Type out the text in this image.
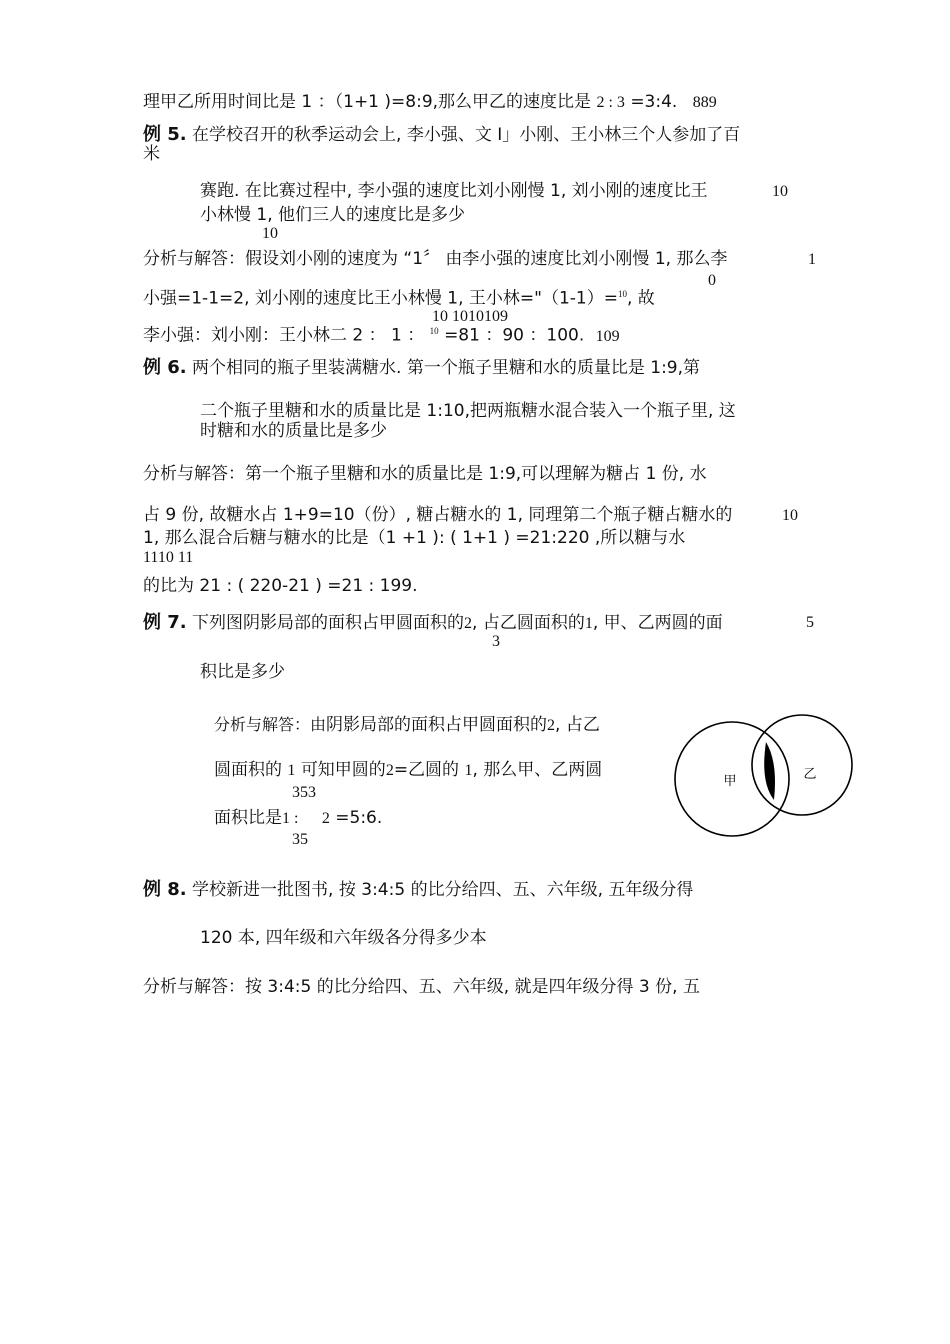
理甲乙所用时间比是 1 ：（1+1 )=8:9,那么甲乙的速度比是 2 : 3 =3:4. 889
例 5. 在学校召开的秋季运动会上, 李小强、文 I」小刚、王小林三个人参加了百
米
赛跑. 在比赛过程中, 李小强的速度比刘小刚慢 1, 刘小刚的速度比王	10
小林慢 1, 他们三人的速度比是多少
10
分析与解答：假设刘小刚的速度为 “1〞 由李小强的速度比刘小刚慢 1, 那么李	1
0
小强=1-1=2, 刘小刚的速度比王小林慢 1, 王小林="（1-1）=$^{10}$, 故
10 1010109
李小强：刘小刚：王小林二 2 ： 1 ： $^{10}$ =81 ：90 ：100. 109
例 6. 两个相同的瓶子里装满糖水. 第一个瓶子里糖和水的质量比是 1:9,第
二个瓶子里糖和水的质量比是 1:10,把两瓶糖水混合装入一个瓶子里, 这
时糖和水的质量比是多少
分析与解答：第一个瓶子里糖和水的质量比是 1:9,可以理解为糖占 1 份, 水
占 9 份, 故糖水占 1+9=10（份）, 糖占糖水的 1, 同理第二个瓶子糖占糖水的	10
1, 那么混合后糖与糖水的比是（1 +1 ): ( 1+1 ) =21:220 ,所以糖与水
1110 11
的比为 21 : ( 220-21 ) =21 : 199.
例 7. 下列图阴影局部的面积占甲圆面积的2, 占乙圆面积的1, 甲、乙两圆的面	5
3
积比是多少
分析与解答：由阴影局部的面积占甲圆面积的2, 占乙
圆面积的 1 可知甲圆的2=乙圆的 1, 那么甲、乙两圆
353
面积比是1 : 2 =5:6.
35
甲	乙
例 8. 学校新进一批图书, 按 3:4:5 的比分给四、五、六年级, 五年级分得
120 本, 四年级和六年级各分得多少本
分析与解答：按 3:4:5 的比分给四、五、六年级, 就是四年级分得 3 份, 五
